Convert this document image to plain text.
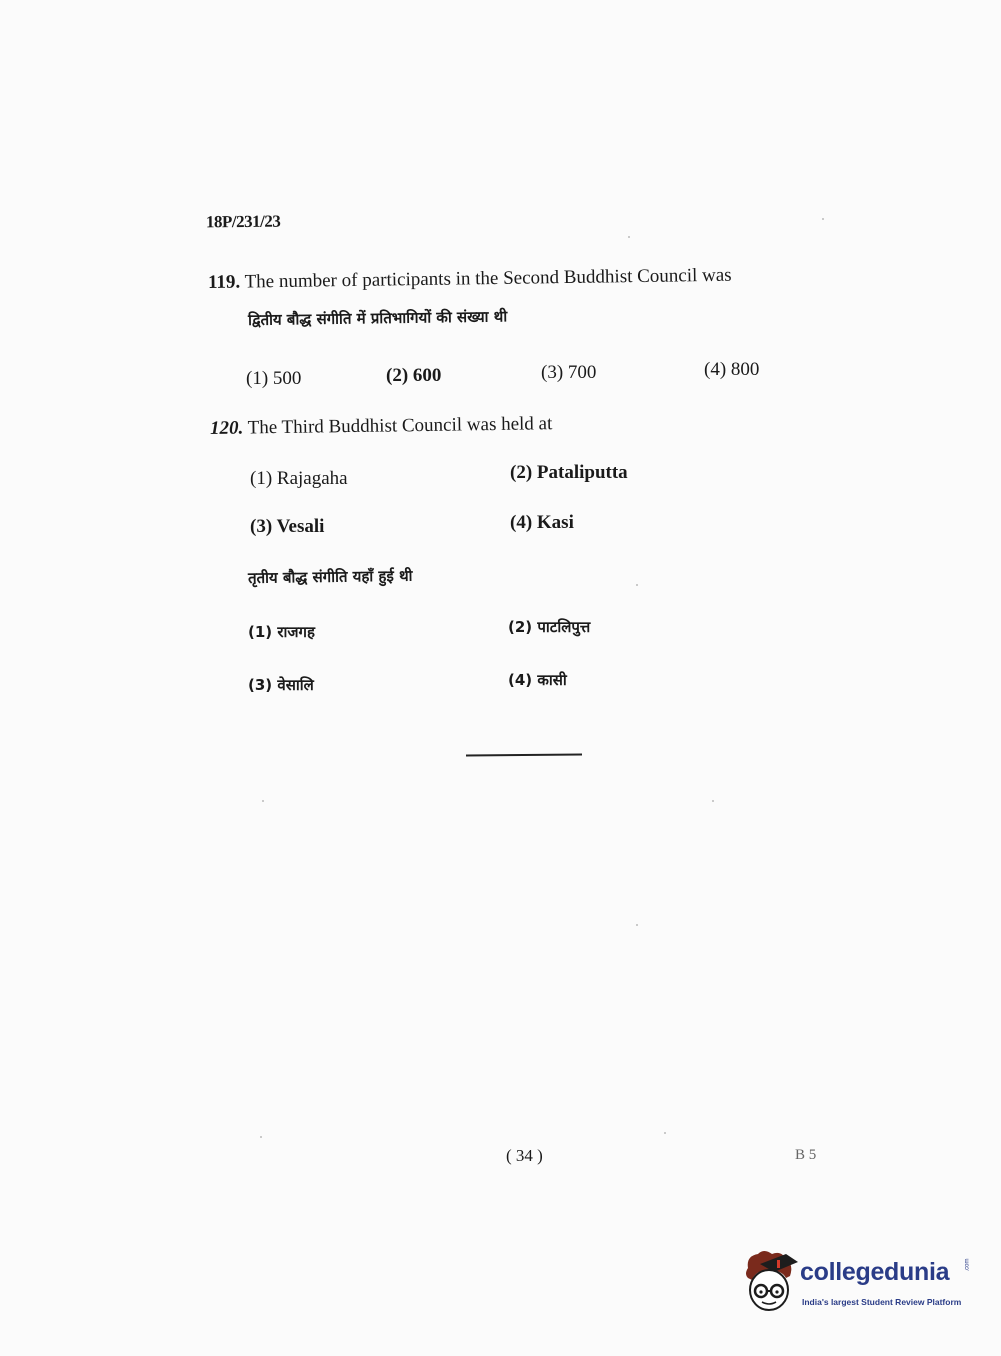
18P/231/23
119. The number of participants in the Second Buddhist Council was
द्वितीय बौद्ध संगीति में प्रतिभागियों की संख्या थी
(1) 500	(2) 600	(3) 700	(4) 800
120. The Third Buddhist Council was held at
(1) Rajagaha	(2) Pataliputta
(3) Vesali	(4) Kasi
तृतीय बौद्ध संगीति यहाँ हुई थी
(1) राजगह	(2) पाटलिपुत्त
(3) वेसालि	(4) कासी
( 34 )	B 5
collegedunia	.com
India's largest Student Review Platform
